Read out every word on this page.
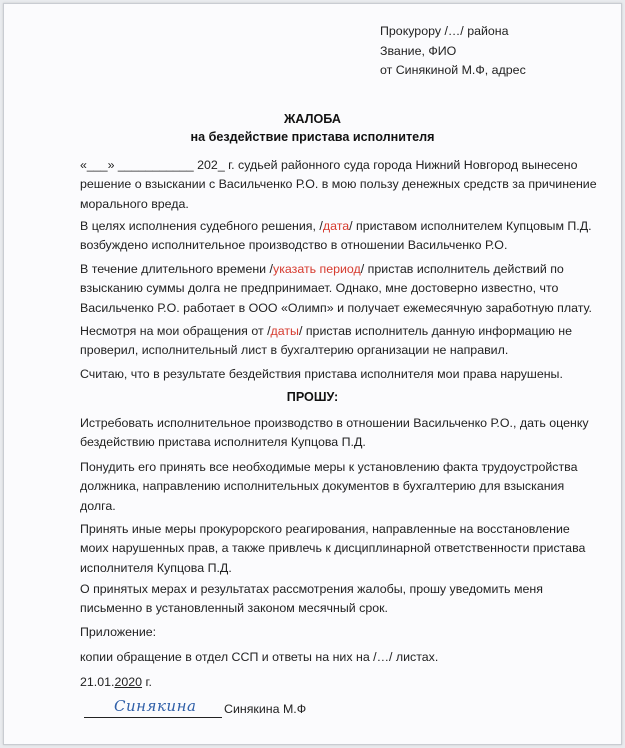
Прокурору /…/ района
Звание, ФИО
от Синякиной М.Ф, адрес
ЖАЛОБА
на бездействие пристава исполнителя
«___» ___________ 202_ г. судьей районного суда города Нижний Новгород вынесено решение о взыскании с Васильченко Р.О. в мою пользу денежных средств за причинение морального вреда.
В целях исполнения судебного решения, /дата/ приставом исполнителем Купцовым П.Д. возбуждено исполнительное производство в отношении Васильченко Р.О.
В течение длительного времени /указать период/ пристав исполнитель действий по взысканию суммы долга не предпринимает. Однако, мне достоверно известно, что Васильченко Р.О. работает в ООО «Олимп» и получает ежемесячную заработную плату.
Несмотря на мои обращения от /даты/ пристав исполнитель данную информацию не проверил, исполнительный лист в бухгалтерию организации не направил.
Считаю, что в результате бездействия пристава исполнителя мои права нарушены.
ПРОШУ:
Истребовать исполнительное производство в отношении Васильченко Р.О., дать оценку бездействию пристава исполнителя Купцова П.Д.
Понудить его принять все необходимые меры к установлению факта трудоустройства должника, направлению исполнительных документов в бухгалтерию для взыскания долга.
Принять иные меры прокурорского реагирования, направленные на восстановление моих нарушенных прав, а также привлечь к дисциплинарной ответственности пристава исполнителя Купцова П.Д.
О принятых мерах и результатах рассмотрения жалобы, прошу уведомить меня письменно в установленный законом месячный срок.
Приложение:
копии обращение в отдел ССП и ответы на них на /…/ листах.
21.01.2020 г.
Синякина Синякина М.Ф
